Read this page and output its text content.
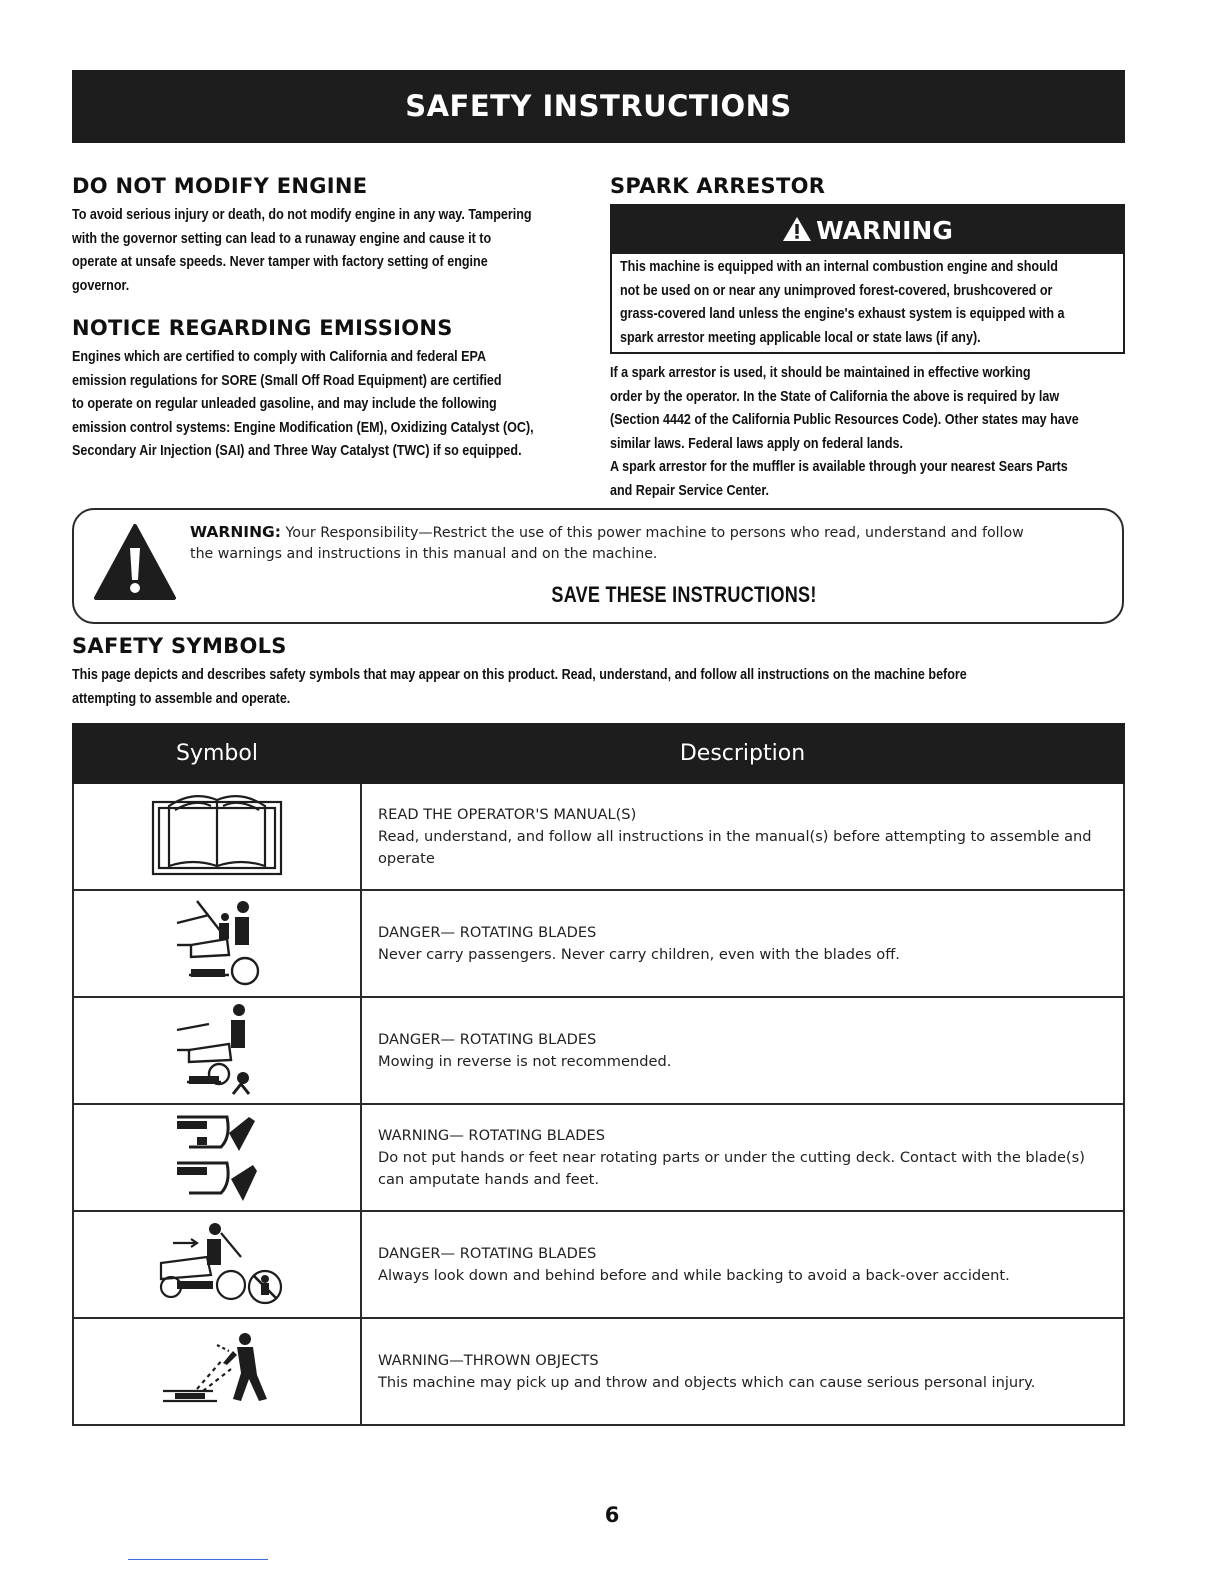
SAFETY INSTRUCTIONS
DO NOT MODIFY ENGINE
To avoid serious injury or death, do not modify engine in any way. Tampering
with the governor setting can lead to a runaway engine and cause it to
operate at unsafe speeds. Never tamper with factory setting of engine
governor.
NOTICE REGARDING EMISSIONS
Engines which are certified to comply with California and federal EPA
emission regulations for SORE (Small Off Road Equipment) are certified
to operate on regular unleaded gasoline, and may include the following
emission control systems: Engine Modification (EM), Oxidizing Catalyst (OC),
Secondary Air Injection (SAI) and Three Way Catalyst (TWC) if so equipped.
SPARK ARRESTOR
WARNING
This machine is equipped with an internal combustion engine and should
not be used on or near any unimproved forest-covered, brushcovered or
grass-covered land unless the engine's exhaust system is equipped with a
spark arrestor meeting applicable local or state laws (if any).
If a spark arrestor is used, it should be maintained in effective working
order by the operator. In the State of California the above is required by law
(Section 4442 of the California Public Resources Code). Other states may have
similar laws. Federal laws apply on federal lands.
A spark arrestor for the muffler is available through your nearest Sears Parts
and Repair Service Center.
WARNING: Your Responsibility—Restrict the use of this power machine to persons who read, understand and follow
the warnings and instructions in this manual and on the machine.
SAVE THESE INSTRUCTIONS!
SAFETY SYMBOLS
This page depicts and describes safety symbols that may appear on this product. Read, understand, and follow all instructions on the machine before
attempting to assemble and operate.
Symbol	Description

READ THE OPERATOR'S MANUAL(S)
Read, understand, and follow all instructions in the manual(s) before attempting to assemble and operate

DANGER— ROTATING BLADES
Never carry passengers. Never carry children, even with the blades off.

DANGER— ROTATING BLADES
Mowing in reverse is not recommended.

WARNING— ROTATING BLADES
Do not put hands or feet near rotating parts or under the cutting deck. Contact with the blade(s) can amputate hands and feet.

DANGER— ROTATING BLADES
Always look down and behind before and while backing to avoid a back-over accident.

WARNING—THROWN OBJECTS
This machine may pick up and throw and objects which can cause serious personal injury.
6
